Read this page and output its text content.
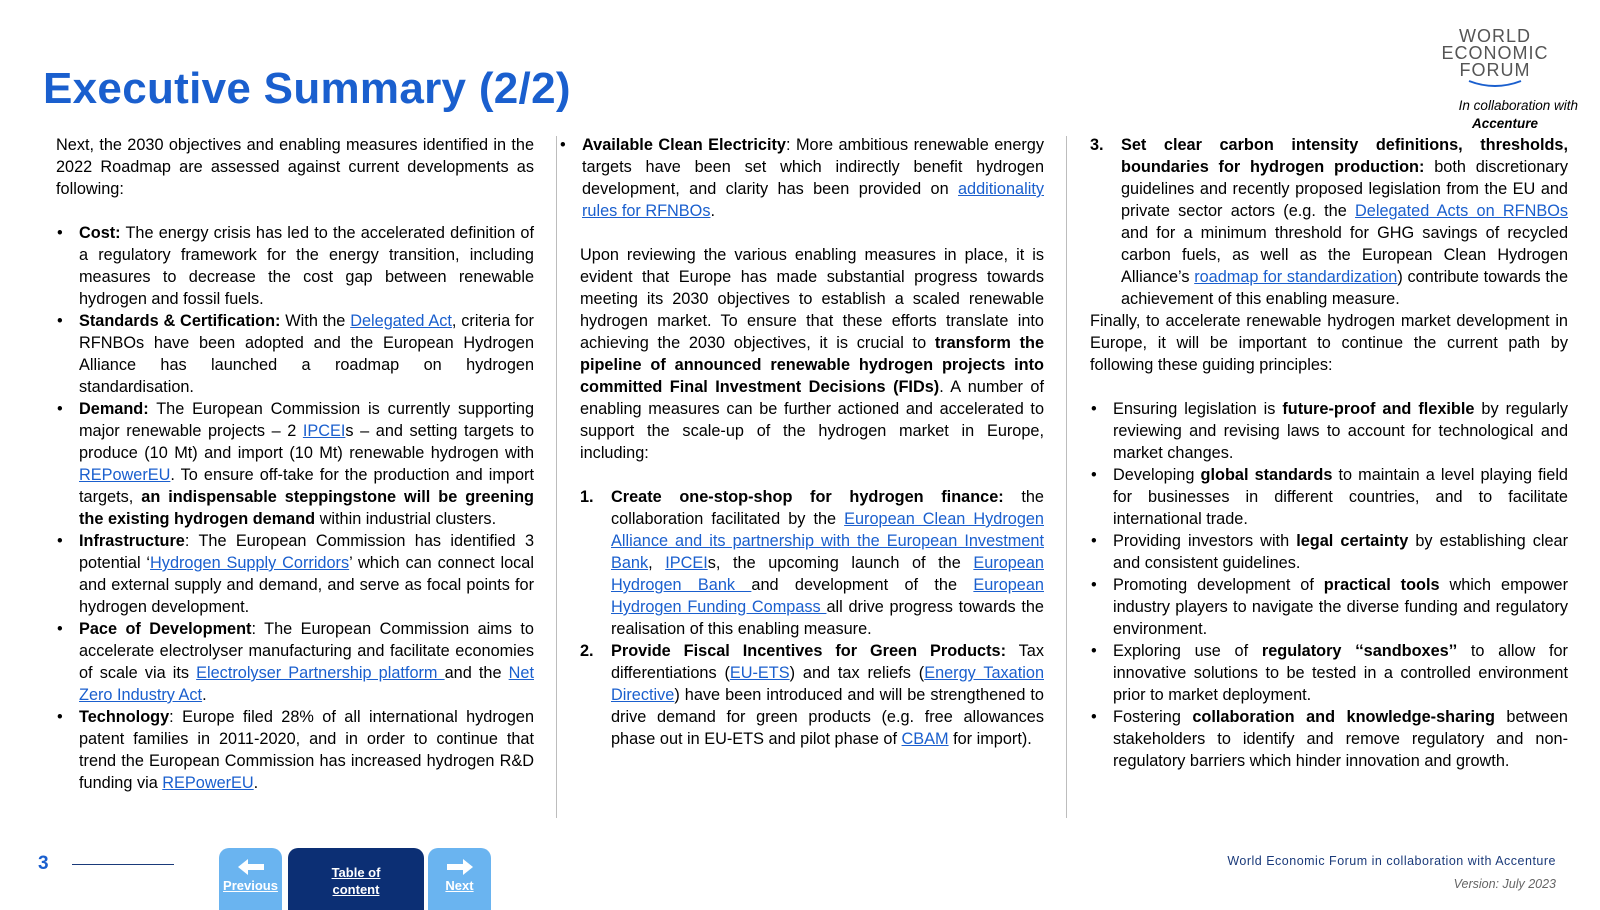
Executive Summary (2/2)
WORLD
ECONOMIC
FORUM
In collaboration with
Accenture

Next, the 2030 objectives and enabling measures identified in the 2022 Roadmap are assessed against current developments as following:

• Cost: The energy crisis has led to the accelerated definition of a regulatory framework for the energy transition, including measures to decrease the cost gap between renewable hydrogen and fossil fuels.
• Standards & Certification: With the Delegated Act, criteria for RFNBOs have been adopted and the European Hydrogen Alliance has launched a roadmap on hydrogen standardisation.
• Demand: The European Commission is currently supporting major renewable projects – 2 IPCEIs – and setting targets to produce (10 Mt) and import (10 Mt) renewable hydrogen with REPowerEU. To ensure off-take for the production and import targets, an indispensable steppingstone will be greening the existing hydrogen demand within industrial clusters.
• Infrastructure: The European Commission has identified 3 potential ‘Hydrogen Supply Corridors’ which can connect local and external supply and demand, and serve as focal points for hydrogen development.
• Pace of Development: The European Commission aims to accelerate electrolyser manufacturing and facilitate economies of scale via its Electrolyser Partnership platform and the Net Zero Industry Act.
• Technology: Europe filed 28% of all international hydrogen patent families in 2011-2020, and in order to continue that trend the European Commission has increased hydrogen R&D funding via REPowerEU.
• Available Clean Electricity: More ambitious renewable energy targets have been set which indirectly benefit hydrogen development, and clarity has been provided on additionality rules for RFNBOs.

Upon reviewing the various enabling measures in place, it is evident that Europe has made substantial progress towards meeting its 2030 objectives to establish a scaled renewable hydrogen market. To ensure that these efforts translate into achieving the 2030 objectives, it is crucial to transform the pipeline of announced renewable hydrogen projects into committed Final Investment Decisions (FIDs). A number of enabling measures can be further actioned and accelerated to support the scale-up of the hydrogen market in Europe, including:

1. Create one-stop-shop for hydrogen finance: the collaboration facilitated by the European Clean Hydrogen Alliance and its partnership with the European Investment Bank, IPCEIs, the upcoming launch of the European Hydrogen Bank and development of the European Hydrogen Funding Compass all drive progress towards the realisation of this enabling measure.
2. Provide Fiscal Incentives for Green Products: Tax differentiations (EU-ETS) and tax reliefs (Energy Taxation Directive) have been introduced and will be strengthened to drive demand for green products (e.g. free allowances phase out in EU-ETS and pilot phase of CBAM for import).
3. Set clear carbon intensity definitions, thresholds, boundaries for hydrogen production: both discretionary guidelines and recently proposed legislation from the EU and private sector actors (e.g. the Delegated Acts on RFNBOs and for a minimum threshold for GHG savings of recycled carbon fuels, as well as the European Clean Hydrogen Alliance’s roadmap for standardization) contribute towards the achievement of this enabling measure.

Finally, to accelerate renewable hydrogen market development in Europe, it will be important to continue the current path by following these guiding principles:

• Ensuring legislation is future-proof and flexible by regularly reviewing and revising laws to account for technological and market changes.
• Developing global standards to maintain a level playing field for businesses in different countries, and to facilitate international trade.
• Providing investors with legal certainty by establishing clear and consistent guidelines.
• Promoting development of practical tools which empower industry players to navigate the diverse funding and regulatory environment.
• Exploring use of regulatory ‘‘sandboxes’’ to allow for innovative solutions to be tested in a controlled environment prior to market deployment.
• Fostering collaboration and knowledge-sharing between stakeholders to identify and remove regulatory and non-regulatory barriers which hinder innovation and growth.
3
Previous
Table of
content	Next
World Economic Forum in collaboration with Accenture
Version: July 2023
